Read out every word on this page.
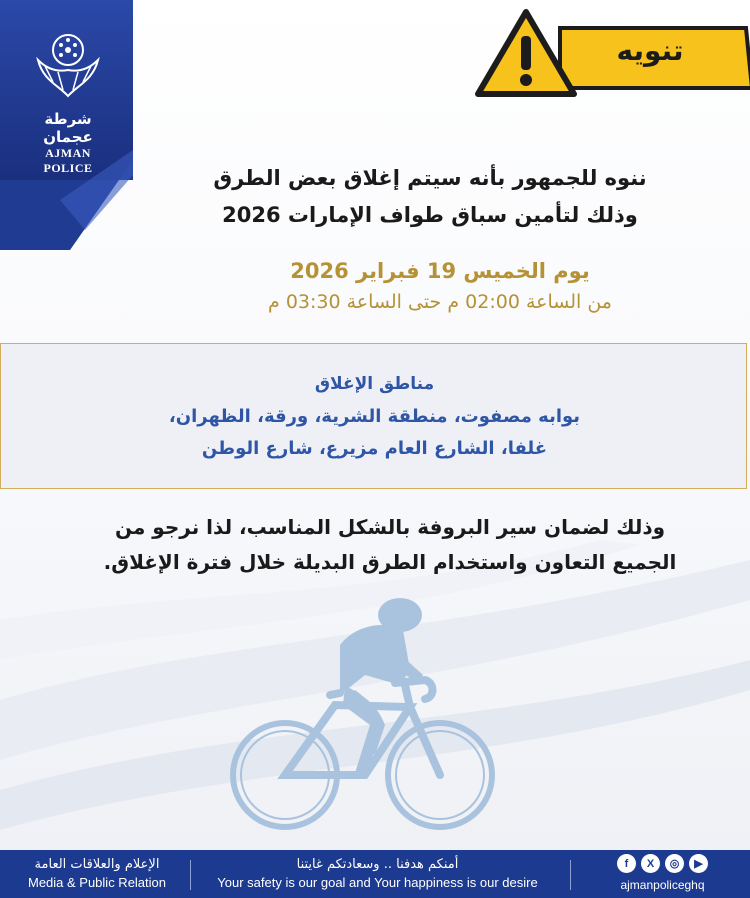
شرطة عجمان
AJMAN POLICE
تنويه

ننوه للجمهور بأنه سيتم إغلاق بعض الطرق

وذلك لتأمين سباق طواف الإمارات 2026

يوم الخميس 19 فبراير 2026

من الساعة 02:00 م حتى الساعة 03:30 م

مناطق الإغلاق
بوابه مصفوت، منطقة الشرية، ورقة، الظهران،
غلفا، الشارع العام مزيرع، شارع الوطن

وذلك لضمان سير البروفة بالشكل المناسب، لذا نرجو من

الجميع التعاون واستخدام الطرق البديلة خلال فترة الإغلاق.

الإعلام والعلاقات العامة
Media & Public Relation
أمنكم هدفنا .. وسعادتكم غايتنا
Your safety is our goal and Your happiness is our desire
f	X	◎	▶
ajmanpoliceghq
